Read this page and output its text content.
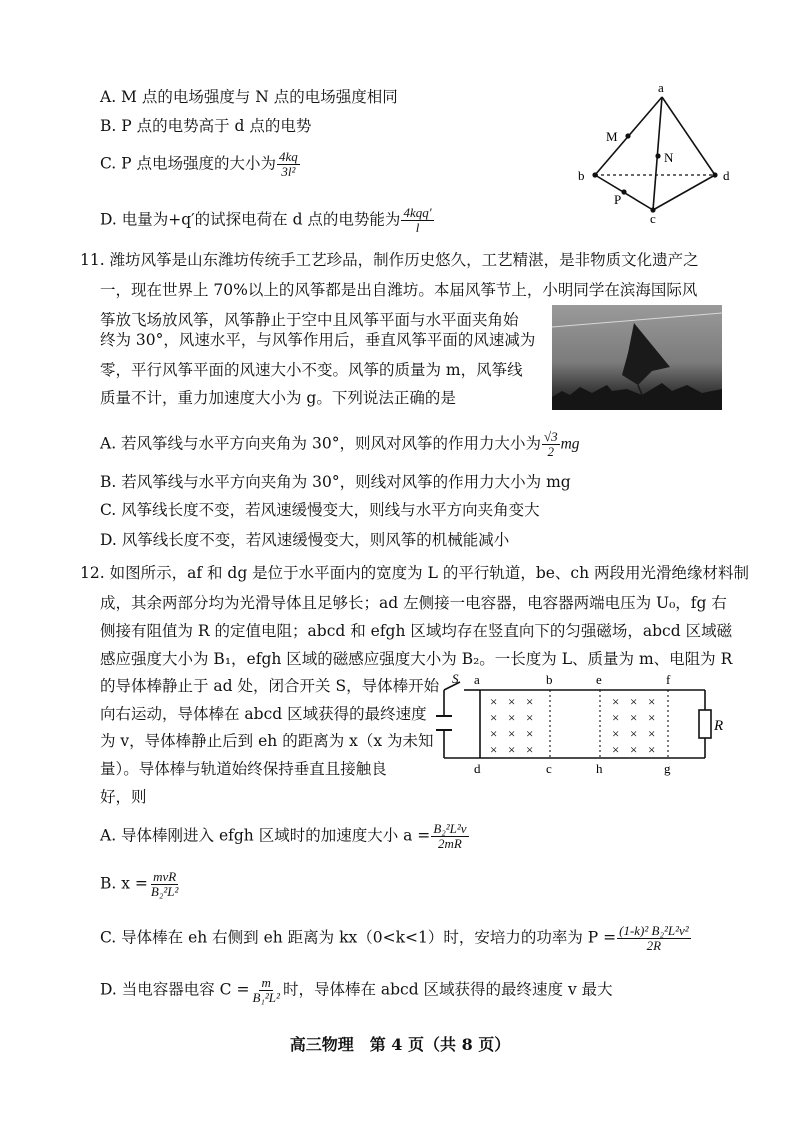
A. M 点的电场强度与 N 点的电场强度相同
B. P 点的电势高于 d 点的电势
C. P 点电场强度的大小为 $\frac{4kq}{\text{3l²}}$
D. 电量为+q′的试探电荷在 d 点的电势能为 $\frac{\text{4kqq′}}{l}$
a
M
N
b	d
P
c
11. 潍坊风筝是山东潍坊传统手工艺珍品，制作历史悠久，工艺精湛，是非物质文化遗产之
一，现在世界上 70%以上的风筝都是出自潍坊。本届风筝节上，小明同学在滨海国际风
筝放飞场放风筝，风筝静止于空中且风筝平面与水平面夹角始
终为 30°，风速水平，与风筝作用后，垂直风筝平面的风速减为
零，平行风筝平面的风速大小不变。风筝的质量为 m，风筝线
质量不计，重力加速度大小为 g。下列说法正确的是
A. 若风筝线与水平方向夹角为 30°，则风对风筝的作用力大小为 $\frac{√3}{2}$ mg
B. 若风筝线与水平方向夹角为 30°，则线对风筝的作用力大小为 mg
C. 风筝线长度不变，若风速缓慢变大，则线与水平方向夹角变大
D. 风筝线长度不变，若风速缓慢变大，则风筝的机械能减小
12. 如图所示，af 和 dg 是位于水平面内的宽度为 L 的平行轨道，be、ch 两段用光滑绝缘材料制
成，其余两部分均为光滑导体且足够长；ad 左侧接一电容器，电容器两端电压为 U₀，fg 右
侧接有阻值为 R 的定值电阻；abcd 和 efgh 区域均存在竖直向下的匀强磁场，abcd 区域磁
感应强度大小为 B₁，efgh 区域的磁感应强度大小为 B₂。一长度为 L、质量为 m、电阻为 R
的导体棒静止于 ad 处，闭合开关 S，导体棒开始
向右运动，导体棒在 abcd 区域获得的最终速度
为 v，导体棒静止后到 eh 的距离为 x（x 为未知
量）。导体棒与轨道始终保持垂直且接触良
好，则
S
R
a	b	e	f
d	c	h	g
× × ×
× × ×
× × ×
× × ×
× × ×
× × ×
× × ×
× × ×
A. 导体棒刚进入 efgh 区域时的加速度大小 $a = \frac{\text{B₂²L²v}}{2mR}$
B. $x = \frac{\text{mvR}}{\text{B₂²L²}}$
C. 导体棒在 eh 右侧到 eh 距离为 kx（0<k<1）时，安培力的功率为 $P = \frac{\text{(1-k)² B₂²L²v²}}{2R}$
D. 当电容器电容 $C = \frac{m}{\text{B₁²L²}}$ 时，导体棒在 abcd 区域获得的最终速度 v 最大
高三物理　第 4 页（共 8 页）
